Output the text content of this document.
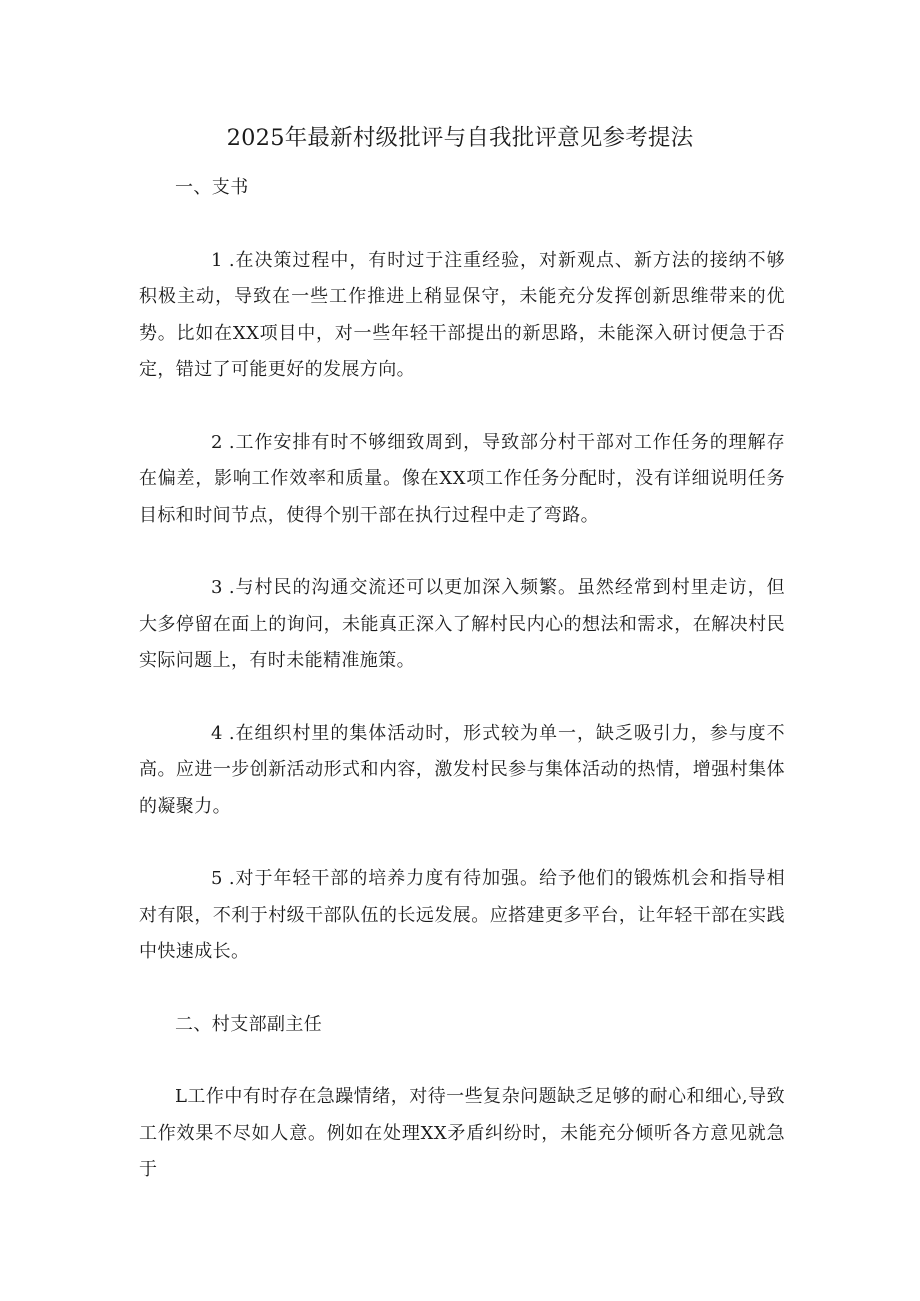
2025年最新村级批评与自我批评意见参考提法

一、支书

1 .在决策过程中，有时过于注重经验，对新观点、新方法的接纳不够积极主动，导致在一些工作推进上稍显保守，未能充分发挥创新思维带来的优势。比如在XX项目中，对一些年轻干部提出的新思路，未能深入研讨便急于否定，错过了可能更好的发展方向。

2 .工作安排有时不够细致周到，导致部分村干部对工作任务的理解存在偏差，影响工作效率和质量。像在XX项工作任务分配时，没有详细说明任务目标和时间节点，使得个别干部在执行过程中走了弯路。

3 .与村民的沟通交流还可以更加深入频繁。虽然经常到村里走访，但大多停留在面上的询问，未能真正深入了解村民内心的想法和需求，在解决村民实际问题上，有时未能精准施策。

4 .在组织村里的集体活动时，形式较为单一，缺乏吸引力，参与度不高。应进一步创新活动形式和内容，激发村民参与集体活动的热情，增强村集体的凝聚力。

5 .对于年轻干部的培养力度有待加强。给予他们的锻炼机会和指导相对有限，不利于村级干部队伍的长远发展。应搭建更多平台，让年轻干部在实践中快速成长。

二、村支部副主任

L工作中有时存在急躁情绪，对待一些复杂问题缺乏足够的耐心和细心,导致工作效果不尽如人意。例如在处理XX矛盾纠纷时，未能充分倾听各方意见就急于
